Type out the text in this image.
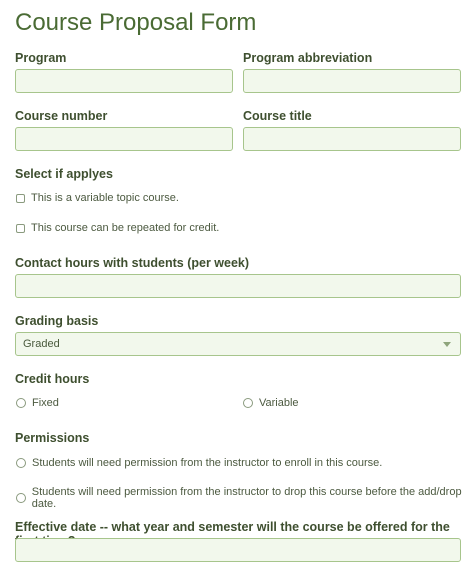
Course Proposal Form
Program	Program abbreviation
Course number	Course title
Select if applyes
This is a variable topic course.
This course can be repeated for credit.
Contact hours with students (per week)
Grading basis
Graded
Credit hours
Fixed	Variable
Permissions
Students will need permission from the instructor to enroll in this course.
Students will need permission from the instructor to drop this course before the add/drop date.
Effective date -- what year and semester will the course be offered for the
